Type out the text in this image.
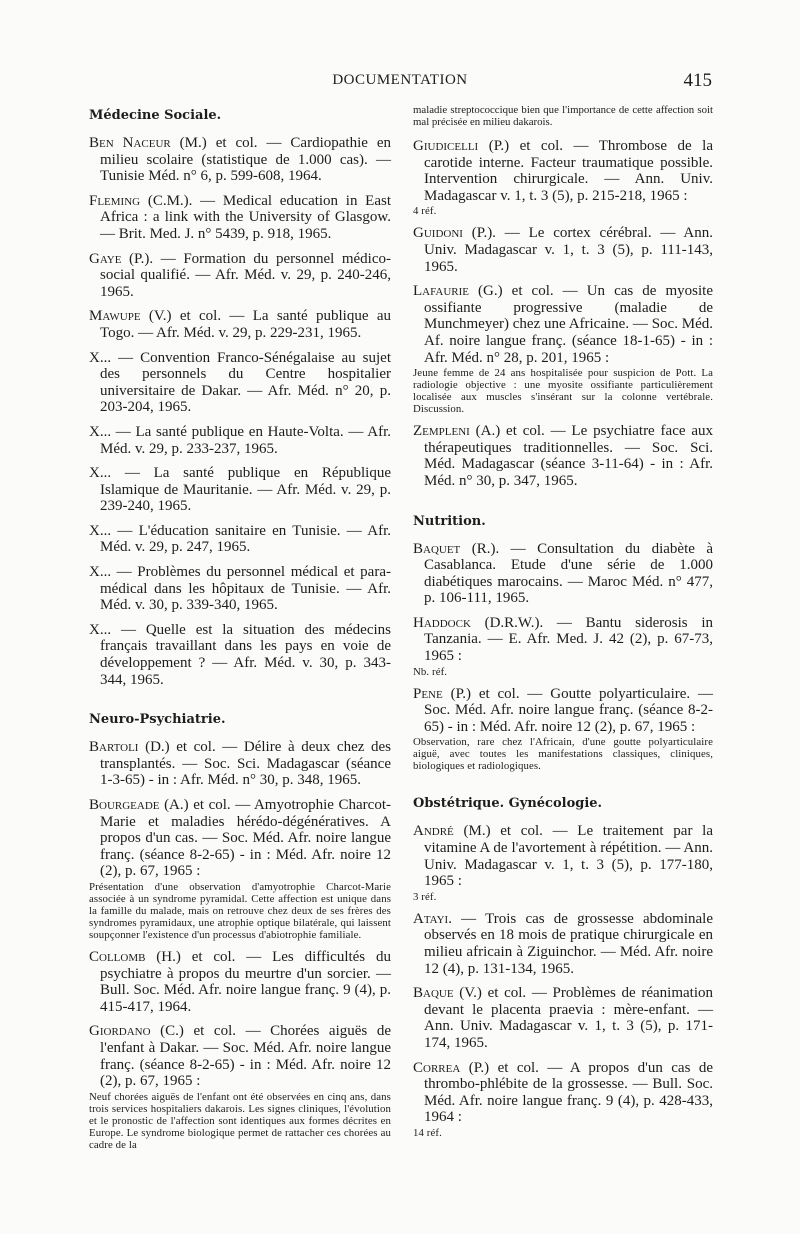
DOCUMENTATION	415
Médecine Sociale.
Ben Naceur (M.) et col. — Cardiopathie en milieu scolaire (statistique de 1.000 cas). — Tunisie Méd. n° 6, p. 599-608, 1964.
Fleming (C.M.). — Medical education in East Africa : a link with the University of Glasgow. — Brit. Med. J. n° 5439, p. 918, 1965.
Gaye (P.). — Formation du personnel médico-social qualifié. — Afr. Méd. v. 29, p. 240-246, 1965.
Mawupe (V.) et col. — La santé publique au Togo. — Afr. Méd. v. 29, p. 229-231, 1965.
X... — Convention Franco-Sénégalaise au sujet des personnels du Centre hospitalier universitaire de Dakar. — Afr. Méd. n° 20, p. 203-204, 1965.
X... — La santé publique en Haute-Volta. — Afr. Méd. v. 29, p. 233-237, 1965.
X... — La santé publique en République Islamique de Mauritanie. — Afr. Méd. v. 29, p. 239-240, 1965.
X... — L'éducation sanitaire en Tunisie. — Afr. Méd. v. 29, p. 247, 1965.
X... — Problèmes du personnel médical et para-médical dans les hôpitaux de Tunisie. — Afr. Méd. v. 30, p. 339-340, 1965.
X... — Quelle est la situation des médecins français travaillant dans les pays en voie de développement ? — Afr. Méd. v. 30, p. 343-344, 1965.
Neuro-Psychiatrie.
Bartoli (D.) et col. — Délire à deux chez des transplantés. — Soc. Sci. Madagascar (séance 1-3-65) - in : Afr. Méd. n° 30, p. 348, 1965.
Bourgeade (A.) et col. — Amyotrophie Charcot-Marie et maladies hérédo-dégénératives. A propos d'un cas. — Soc. Méd. Afr. noire langue franç. (séance 8-2-65) - in : Méd. Afr. noire 12 (2), p. 67, 1965 :
Présentation d'une observation d'amyotrophie Charcot-Marie associée à un syndrome pyramidal. Cette affection est unique dans la famille du malade, mais on retrouve chez deux de ses frères des syndromes pyramidaux, une atrophie optique bilatérale, qui laissent soupçonner l'existence d'un processus d'abiotrophie familiale.
Collomb (H.) et col. — Les difficultés du psychiatre à propos du meurtre d'un sorcier. — Bull. Soc. Méd. Afr. noire langue franç. 9 (4), p. 415-417, 1964.
Giordano (C.) et col. — Chorées aiguës de l'enfant à Dakar. — Soc. Méd. Afr. noire langue franç. (séance 8-2-65) - in : Méd. Afr. noire 12 (2), p. 67, 1965 :
Neuf chorées aiguës de l'enfant ont été observées en cinq ans, dans trois services hospitaliers dakarois. Les signes cliniques, l'évolution et le pronostic de l'affection sont identiques aux formes décrites en Europe. Le syndrome biologique permet de rattacher ces chorées au cadre de la
maladie streptococcique bien que l'importance de cette affection soit mal précisée en milieu dakarois.
Giudicelli (P.) et col. — Thrombose de la carotide interne. Facteur traumatique possible. Intervention chirurgicale. — Ann. Univ. Madagascar v. 1, t. 3 (5), p. 215-218, 1965 :
4 réf.
Guidoni (P.). — Le cortex cérébral. — Ann. Univ. Madagascar v. 1, t. 3 (5), p. 111-143, 1965.
Lafaurie (G.) et col. — Un cas de myosite ossifiante progressive (maladie de Munchmeyer) chez une Africaine. — Soc. Méd. Af. noire langue franç. (séance 18-1-65) - in : Afr. Méd. n° 28, p. 201, 1965 :
Jeune femme de 24 ans hospitalisée pour suspicion de Pott. La radiologie objective : une myosite ossifiante particulièrement localisée aux muscles s'insérant sur la colonne vertébrale. Discussion.
Zempleni (A.) et col. — Le psychiatre face aux thérapeutiques traditionnelles. — Soc. Sci. Méd. Madagascar (séance 3-11-64) - in : Afr. Méd. n° 30, p. 347, 1965.
Nutrition.
Baquet (R.). — Consultation du diabète à Casablanca. Etude d'une série de 1.000 diabétiques marocains. — Maroc Méd. n° 477, p. 106-111, 1965.
Haddock (D.R.W.). — Bantu siderosis in Tanzania. — E. Afr. Med. J. 42 (2), p. 67-73, 1965 :
Nb. réf.
Pene (P.) et col. — Goutte polyarticulaire. — Soc. Méd. Afr. noire langue franç. (séance 8-2-65) - in : Méd. Afr. noire 12 (2), p. 67, 1965 :
Observation, rare chez l'Africain, d'une goutte polyarticulaire aiguë, avec toutes les manifestations classiques, cliniques, biologiques et radiologiques.
Obstétrique. Gynécologie.
André (M.) et col. — Le traitement par la vitamine A de l'avortement à répétition. — Ann. Univ. Madagascar v. 1, t. 3 (5), p. 177-180, 1965 :
3 réf.
Atayi. — Trois cas de grossesse abdominale observés en 18 mois de pratique chirurgicale en milieu africain à Ziguinchor. — Méd. Afr. noire 12 (4), p. 131-134, 1965.
Baque (V.) et col. — Problèmes de réanimation devant le placenta praevia : mère-enfant. — Ann. Univ. Madagascar v. 1, t. 3 (5), p. 171-174, 1965.
Correa (P.) et col. — A propos d'un cas de thrombo-phlébite de la grossesse. — Bull. Soc. Méd. Afr. noire langue franç. 9 (4), p. 428-433, 1964 :
14 réf.
